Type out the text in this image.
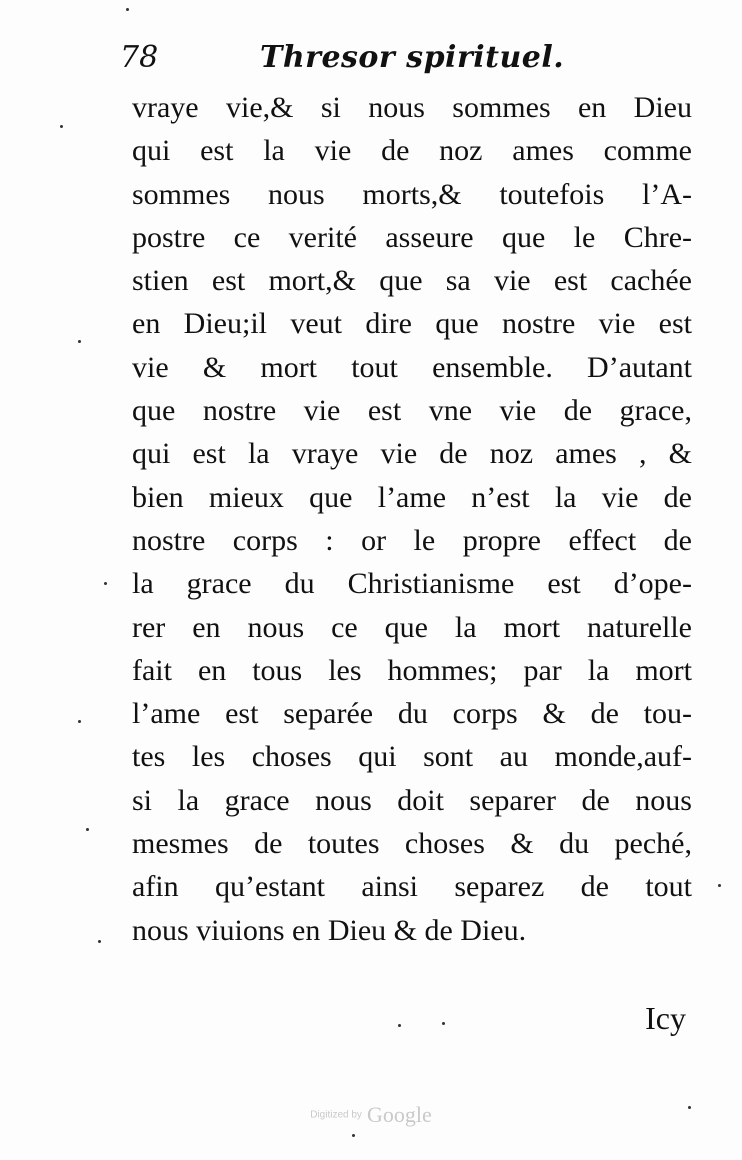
78	Thresor spirituel.
vraye vie,& si nous sommes en Dieu
qui est la vie de noz ames comme
sommes nous morts,& toutefois l’A-
postre ce verité asseure que le Chre-
stien est mort,& que sa vie est cachée
en Dieu;il veut dire que nostre vie est
vie & mort tout ensemble. D’autant
que nostre vie est vne vie de grace,
qui est la vraye vie de noz ames , &
bien mieux que l’ame n’est la vie de
nostre corps : or le propre effect de
la grace du Christianisme est d’ope-
rer en nous ce que la mort naturelle
fait en tous les hommes; par la mort
l’ame est separée du corps & de tou-
tes les choses qui sont au monde,auf-
si la grace nous doit separer de nous
mesmes de toutes choses & du peché,
afin qu’estant ainsi separez de tout
nous viuions en Dieu & de Dieu.
Icy
Digitized by Google
